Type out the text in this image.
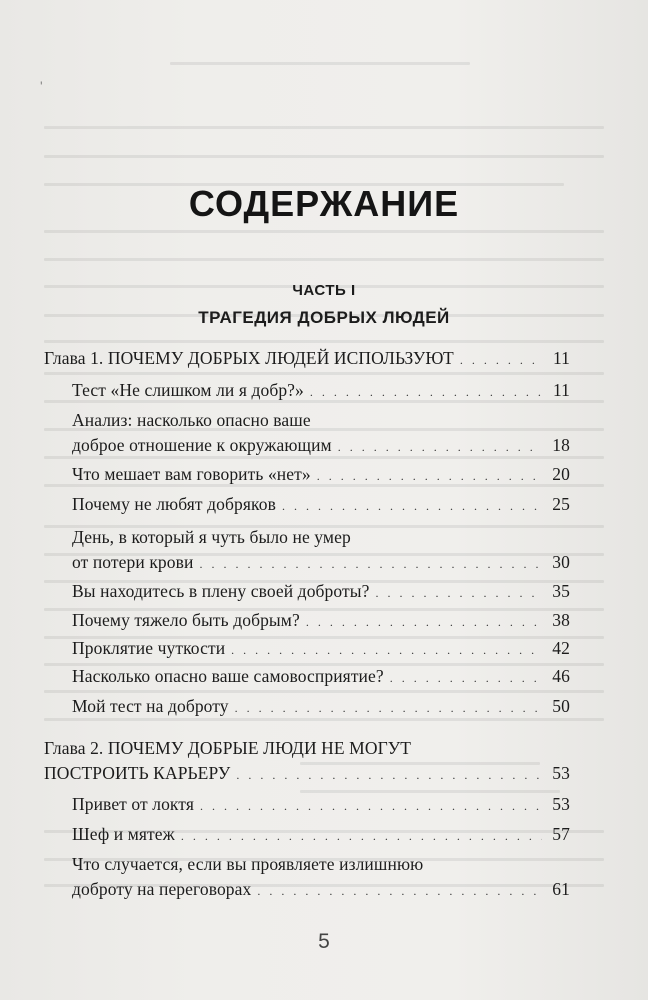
'
СОДЕРЖАНИЕ
ЧАСТЬ I
ТРАГЕДИЯ ДОБРЫХ ЛЮДЕЙ
Глава 1. ПОЧЕМУ ДОБРЫХ ЛЮДЕЙ ИСПОЛЬЗУЮТ . . .	11
Тест «Не слишком ли я добр?» . . .	11
Анализ: насколько опасно ваше
доброе отношение к окружающим . . .	18
Что мешает вам говорить «нет» . . .	20
Почему не любят добряков . . .	25
День, в который я чуть было не умер
от потери крови . . .	30
Вы находитесь в плену своей доброты? . . .	35
Почему тяжело быть добрым? . . .	38
Проклятие чуткости . . .	42
Насколько опасно ваше самовосприятие? . . .	46
Мой тест на доброту . . .	50
Глава 2. ПОЧЕМУ ДОБРЫЕ ЛЮДИ НЕ МОГУТ
ПОСТРОИТЬ КАРЬЕРУ . . .	53
Привет от локтя . . .	53
Шеф и мятеж . . .	57
Что случается, если вы проявляете излишнюю
доброту на переговорах . . .	61
5
